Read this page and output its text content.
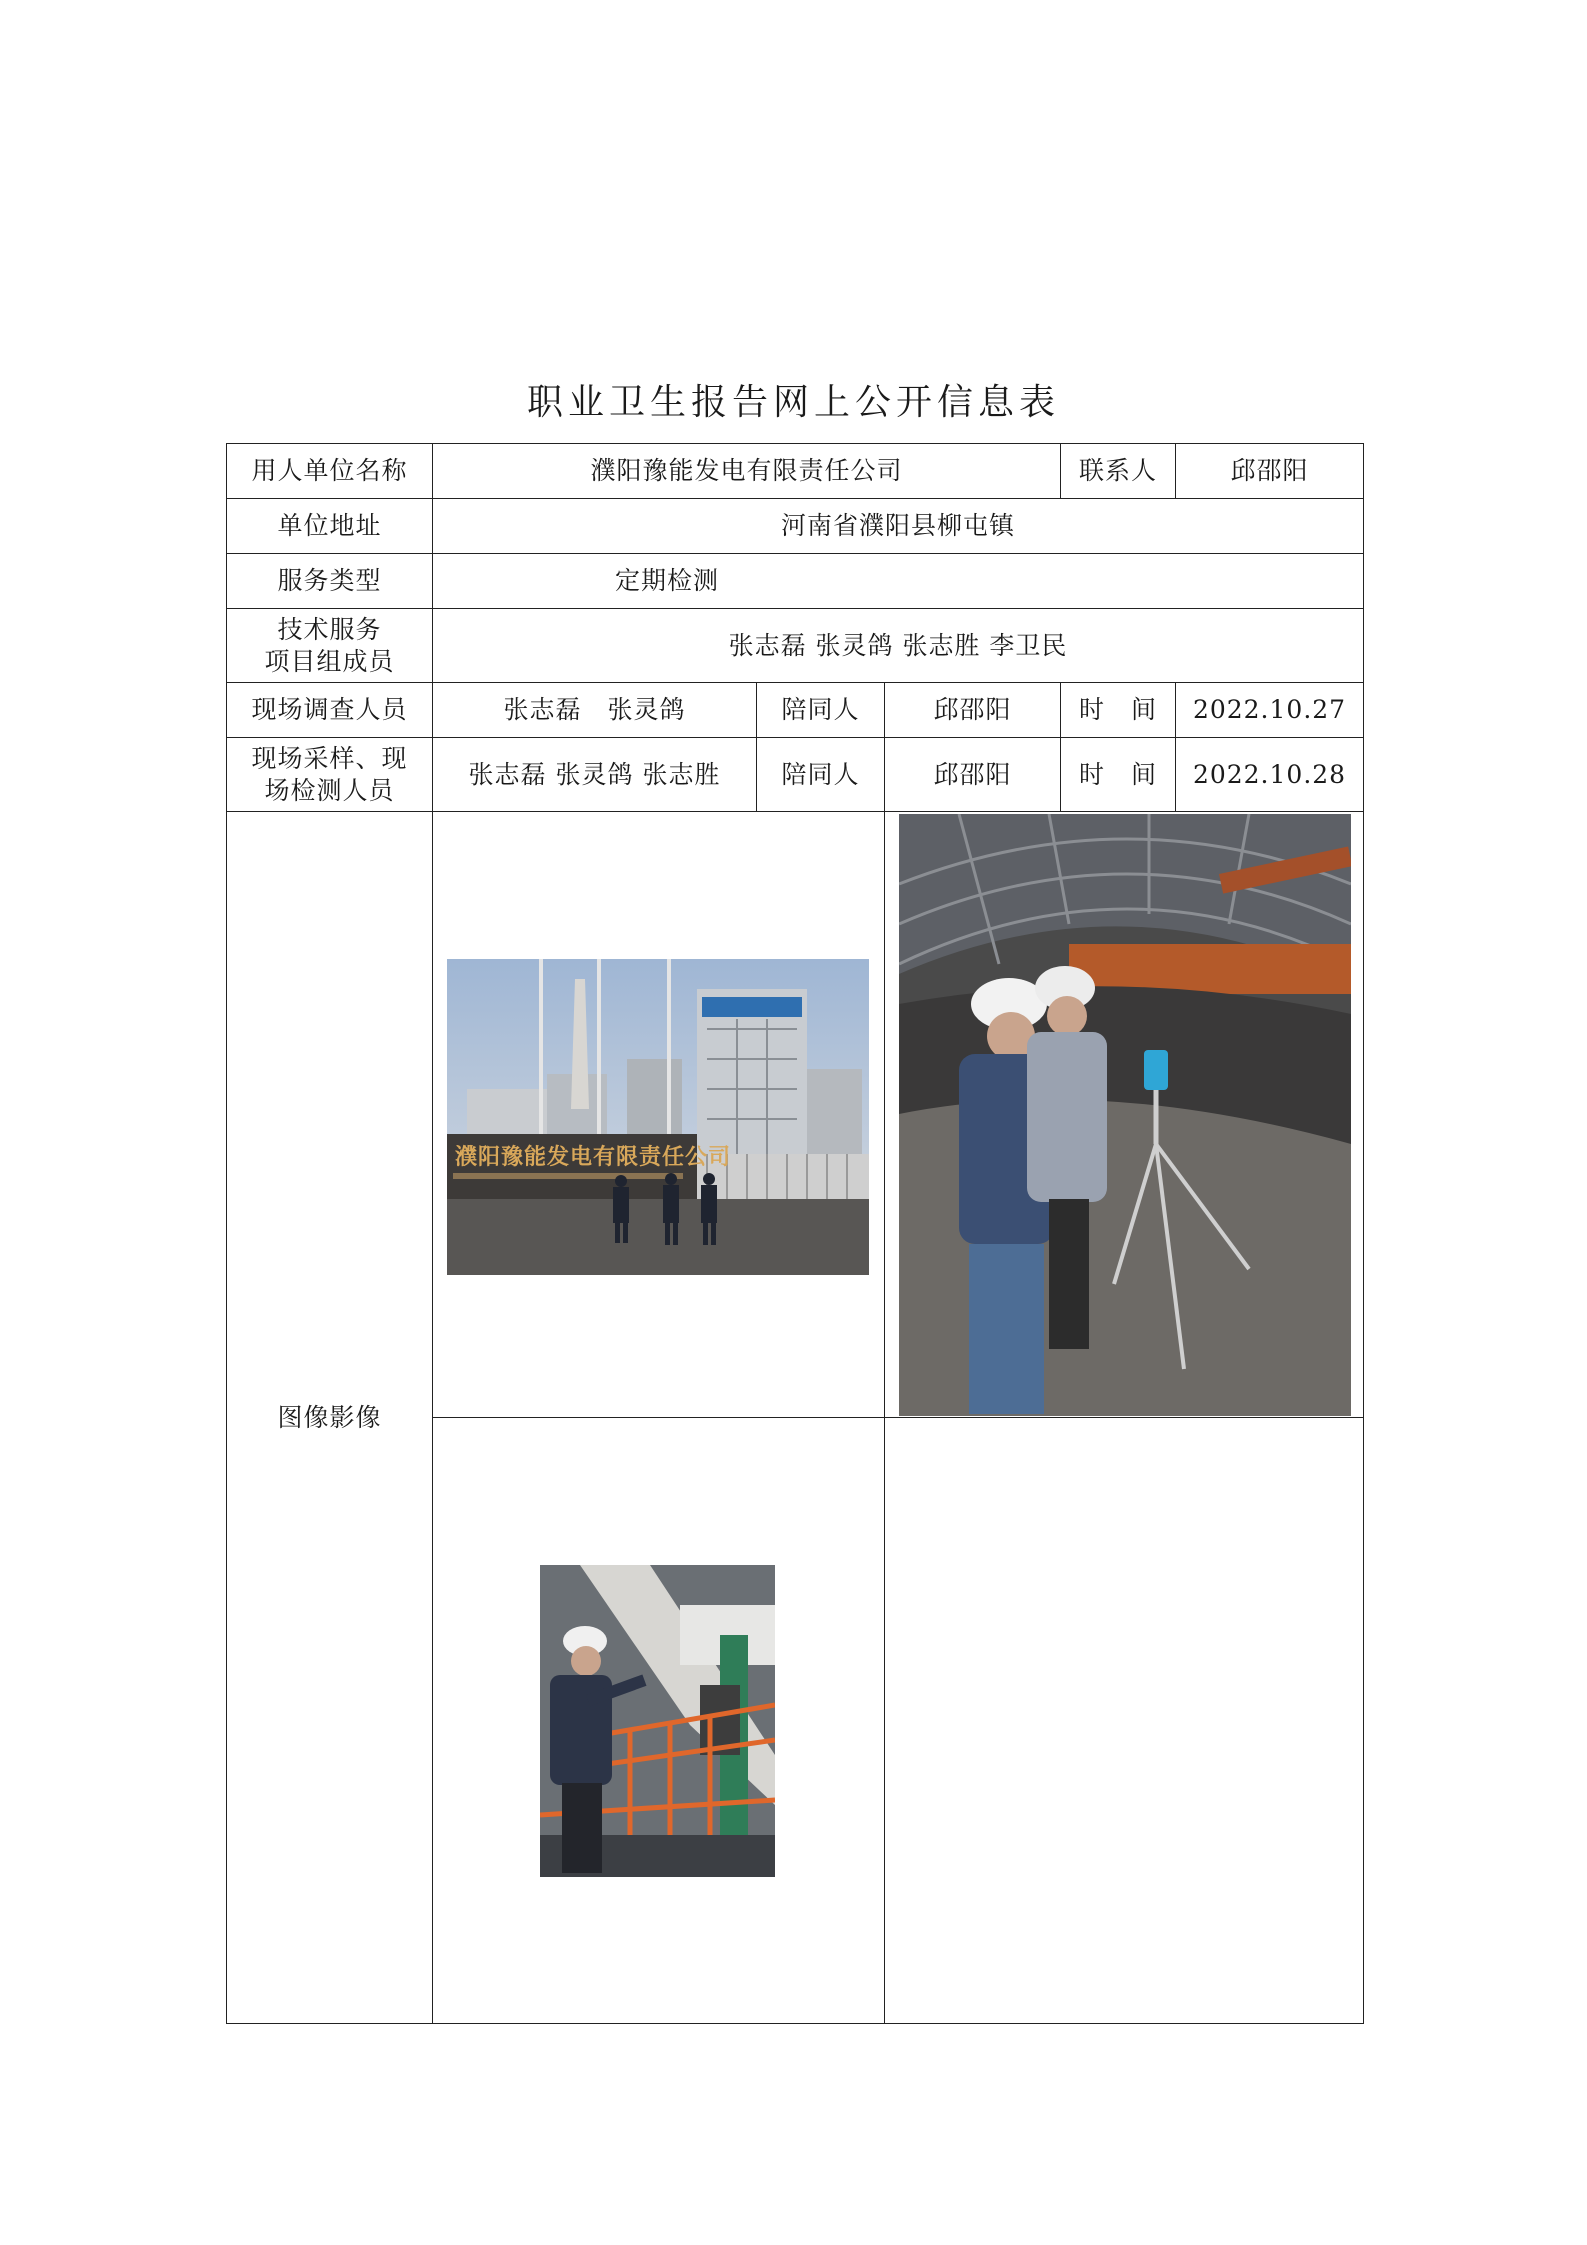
职业卫生报告网上公开信息表
用人单位名称	濮阳豫能发电有限责任公司			联系人	邱邵阳
单位地址	河南省濮阳县柳屯镇				
服务类型	定期检测				

技术服务
项目组成员	张志磊 张灵鸽 张志胜 李卫民				
现场调查人员	张志磊　张灵鸽	陪同人	邱邵阳	时　间	2022.10.27

现场采样、现
场检测人员	张志磊 张灵鸽 张志胜	陪同人	邱邵阳	时　间	2022.10.28
图像影像	濮阳豫能发电有限责任公司
